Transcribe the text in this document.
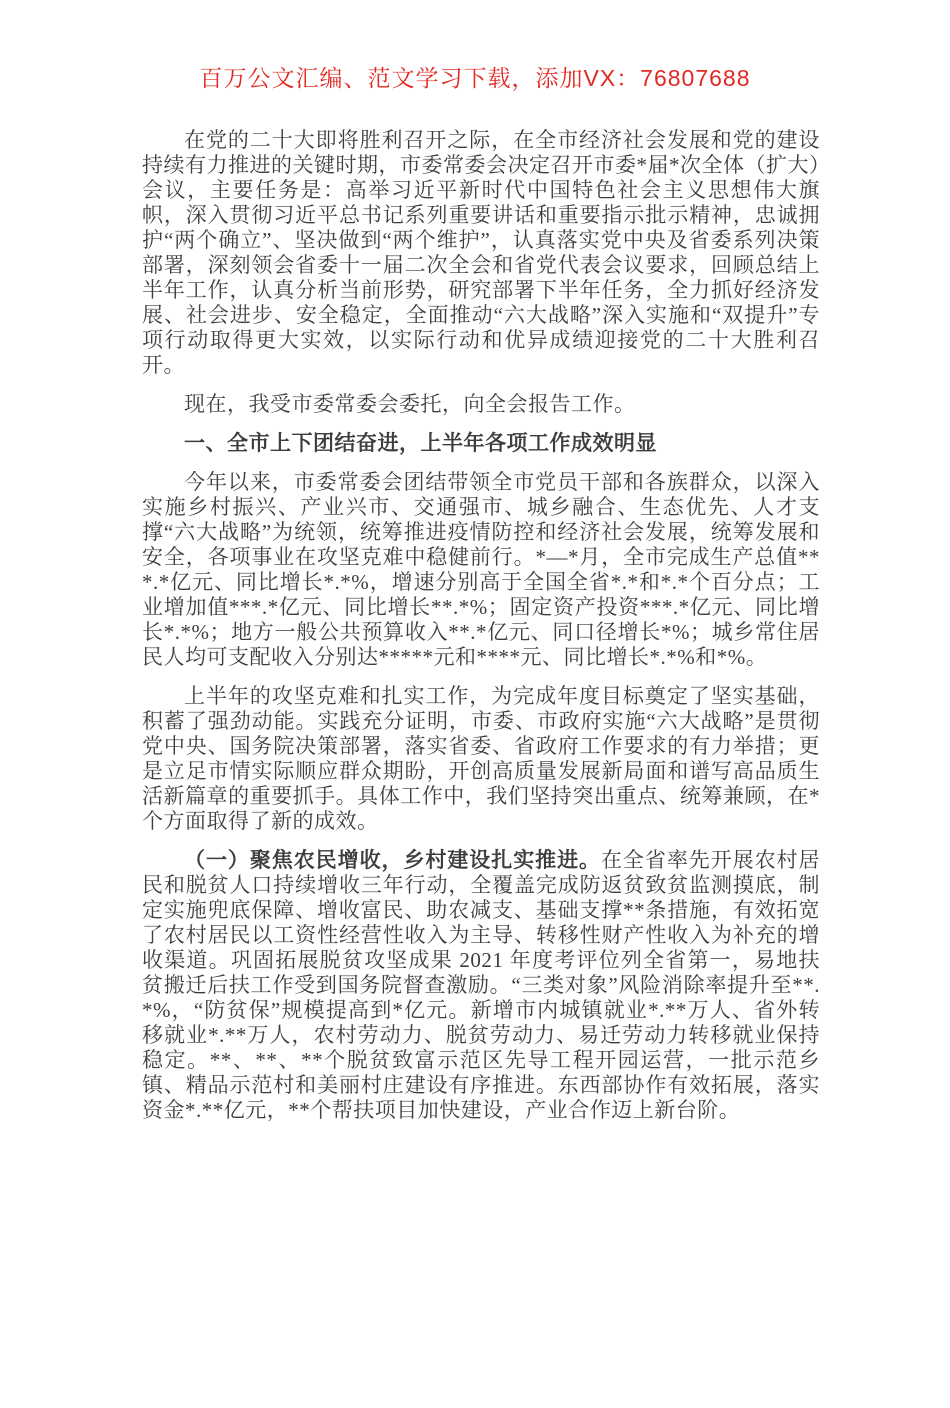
百万公文汇编、范文学习下载，添加VX：76807688

在党的二十大即将胜利召开之际，在全市经济社会发展和党的建设持续有力推进的关键时期，市委常委会决定召开市委*届*次全体（扩大）会议，主要任务是：高举习近平新时代中国特色社会主义思想伟大旗帜，深入贯彻习近平总书记系列重要讲话和重要指示批示精神，忠诚拥护“两个确立”、坚决做到“两个维护”，认真落实党中央及省委系列决策部署，深刻领会省委十一届二次全会和省党代表会议要求，回顾总结上半年工作，认真分析当前形势，研究部署下半年任务，全力抓好经济发展、社会进步、安全稳定，全面推动“六大战略”深入实施和“双提升”专项行动取得更大实效，以实际行动和优异成绩迎接党的二十大胜利召开。

现在，我受市委常委会委托，向全会报告工作。

一、全市上下团结奋进，上半年各项工作成效明显

今年以来，市委常委会团结带领全市党员干部和各族群众，以深入实施乡村振兴、产业兴市、交通强市、城乡融合、生态优先、人才支撑“六大战略”为统领，统筹推进疫情防控和经济社会发展，统筹发展和安全，各项事业在攻坚克难中稳健前行。*—*月，全市完成生产总值***.*亿元、同比增长*.*%，增速分别高于全国全省*.*和*.*个百分点；工业增加值***.*亿元、同比增长**.*%；固定资产投资***.*亿元、同比增长*.*%；地方一般公共预算收入**.*亿元、同口径增长*%；城乡常住居民人均可支配收入分别达*****元和****元、同比增长*.*%和*%。

上半年的攻坚克难和扎实工作，为完成年度目标奠定了坚实基础，积蓄了强劲动能。实践充分证明，市委、市政府实施“六大战略”是贯彻党中央、国务院决策部署，落实省委、省政府工作要求的有力举措；更是立足市情实际顺应群众期盼，开创高质量发展新局面和谱写高品质生活新篇章的重要抓手。具体工作中，我们坚持突出重点、统筹兼顾，在*个方面取得了新的成效。

（一）聚焦农民增收，乡村建设扎实推进。在全省率先开展农村居民和脱贫人口持续增收三年行动，全覆盖完成防返贫致贫监测摸底，制定实施兜底保障、增收富民、助农减支、基础支撑**条措施，有效拓宽了农村居民以工资性经营性收入为主导、转移性财产性收入为补充的增收渠道。巩固拓展脱贫攻坚成果 2021 年度考评位列全省第一，易地扶贫搬迁后扶工作受到国务院督查激励。“三类对象”风险消除率提升至**.*%，“防贫保”规模提高到*亿元。新增市内城镇就业*.**万人、省外转移就业*.**万人，农村劳动力、脱贫劳动力、易迁劳动力转移就业保持稳定。**、**、**个脱贫致富示范区先导工程开园运营，一批示范乡镇、精品示范村和美丽村庄建设有序推进。东西部协作有效拓展，落实资金*.**亿元，**个帮扶项目加快建设，产业合作迈上新台阶。
